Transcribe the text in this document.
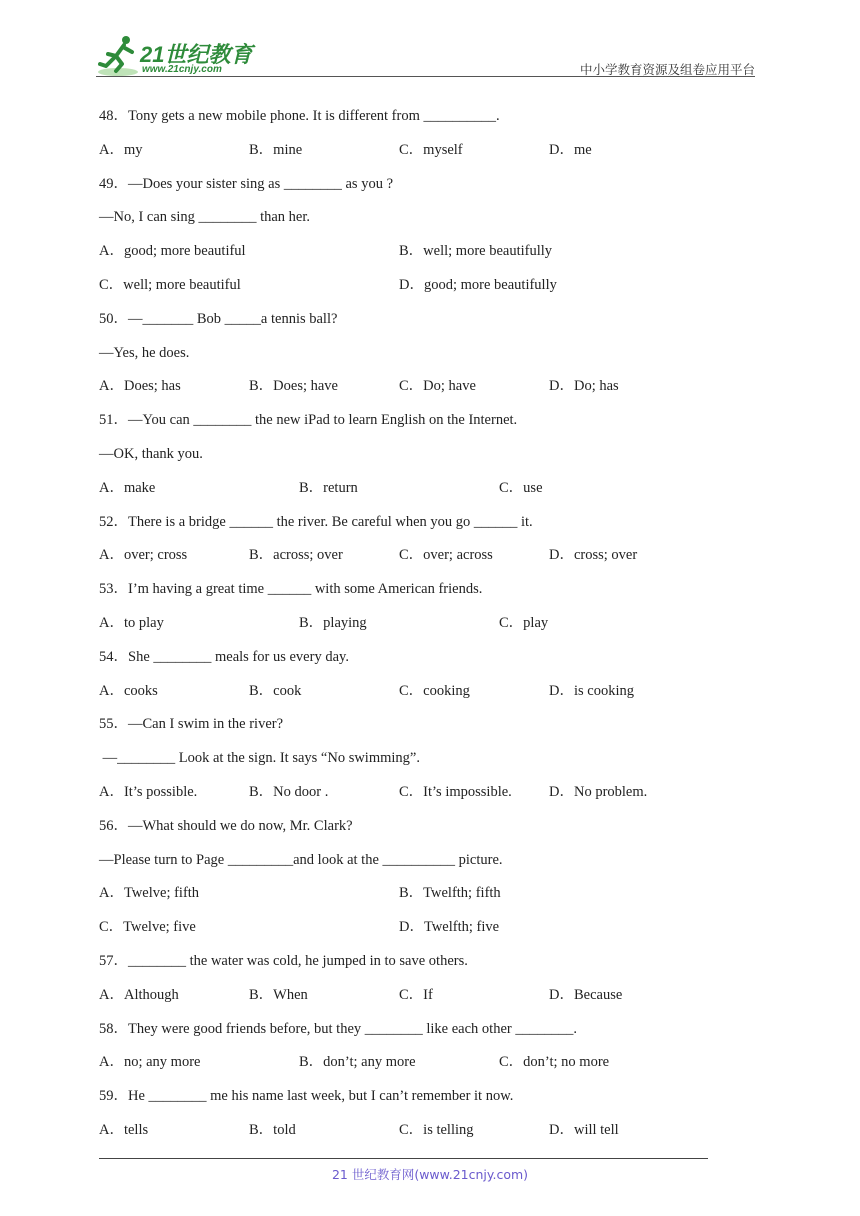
21世纪教育
www.21cnjy.com	中小学教育资源及组卷应用平台
48．Tony gets a new mobile phone. It is different from __________.
A．my	B．mine	C．myself	D．me
49．—Does your sister sing as ________ as you ?
—No, I can sing ________ than her.
A．good; more beautiful	B．well; more beautifully
C．well; more beautiful	D．good; more beautifully
50．—_______ Bob _____a tennis ball?
—Yes, he does.
A．Does; has	B．Does; have	C．Do; have	D．Do; has
51．—You can ________ the new iPad to learn English on the Internet.
—OK, thank you.
A．make	B．return	C．use
52．There is a bridge ______ the river. Be careful when you go ______ it.
A．over; cross	B．across; over	C．over; across	D．cross; over
53．I’m having a great time ______ with some American friends.
A．to play	B．playing	C．play
54．She ________ meals for us every day.
A．cooks	B．cook	C．cooking	D．is cooking
55．—Can I swim in the river?
—________ Look at the sign. It says “No swimming”.
A．It’s possible.	B．No door .	C．It’s impossible.	D．No problem.
56．—What should we do now, Mr. Clark?
—Please turn to Page _________and look at the __________ picture.
A．Twelve; fifth	B．Twelfth; fifth
C．Twelve; five	D．Twelfth; five
57．________ the water was cold, he jumped in to save others.
A．Although	B．When	C．If	D．Because
58．They were good friends before, but they ________ like each other ________.
A．no; any more	B．don’t; any more	C．don’t; no more
59．He ________ me his name last week, but I can’t remember it now.
A．tells	B．told	C．is telling	D．will tell
21 世纪教育网(www.21cnjy.com)
